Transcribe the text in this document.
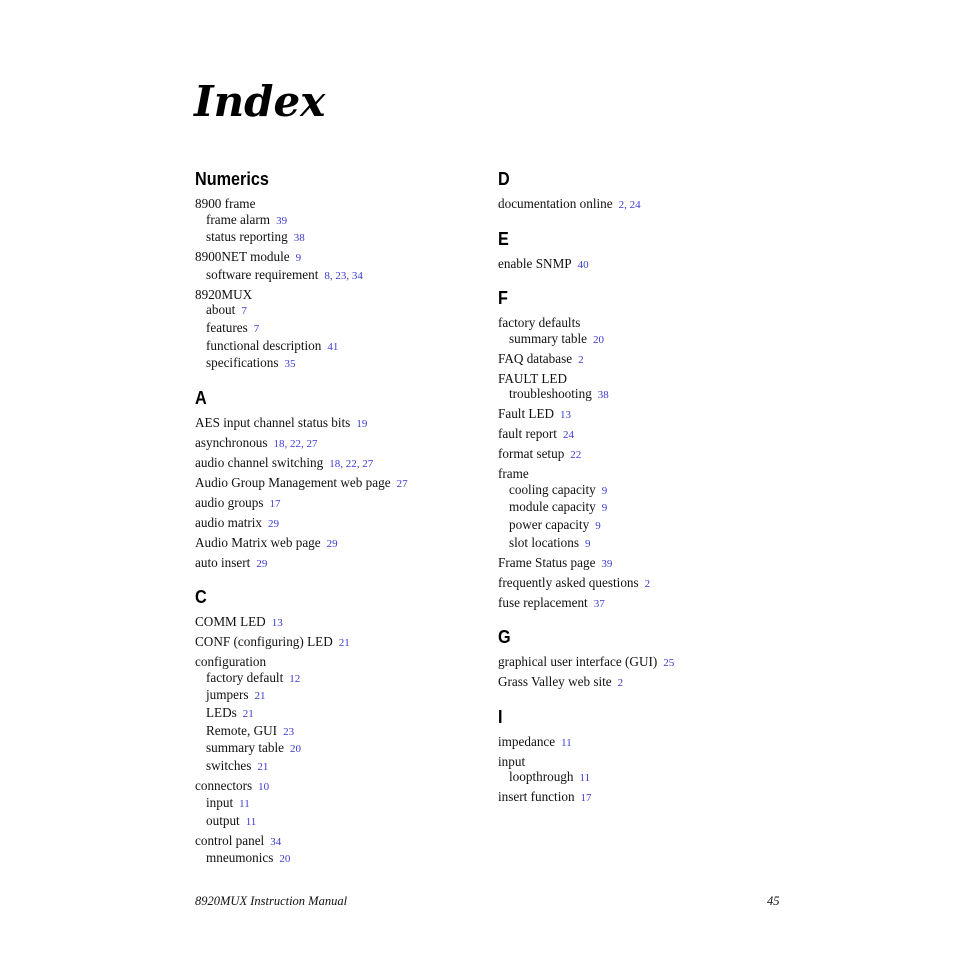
Index
Numerics
8900 frame
frame alarm 39
status reporting 38
8900NET module 9
software requirement 8, 23, 34
8920MUX
about 7
features 7
functional description 41
specifications 35
A
AES input channel status bits 19
asynchronous 18, 22, 27
audio channel switching 18, 22, 27
Audio Group Management web page 27
audio groups 17
audio matrix 29
Audio Matrix web page 29
auto insert 29
C
COMM LED 13
CONF (configuring) LED 21
configuration
factory default 12
jumpers 21
LEDs 21
Remote, GUI 23
summary table 20
switches 21
connectors 10
input 11
output 11
control panel 34
mneumonics 20
D
documentation online 2, 24
E
enable SNMP 40
F
factory defaults
summary table 20
FAQ database 2
FAULT LED
troubleshooting 38
Fault LED 13
fault report 24
format setup 22
frame
cooling capacity 9
module capacity 9
power capacity 9
slot locations 9
Frame Status page 39
frequently asked questions 2
fuse replacement 37
G
graphical user interface (GUI) 25
Grass Valley web site 2
I
impedance 11
input
loopthrough 11
insert function 17
8920MUX Instruction Manual	45
